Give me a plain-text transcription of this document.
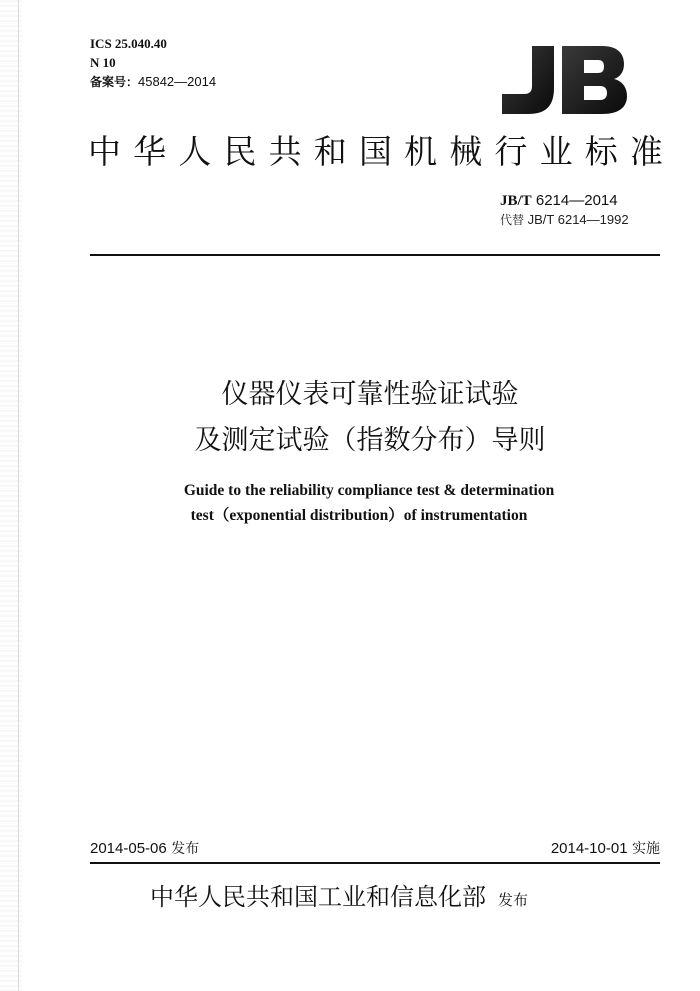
ICS 25.040.40
N 10
备案号：45842—2014
中 华 人 民 共 和 国 机 械 行 业 标 准
JB/T 6214—2014
代替 JB/T 6214—1992
仪器仪表可靠性验证试验
及测定试验（指数分布）导则
Guide to the reliability compliance test & determination
test（exponential distribution）of instrumentation
2014-05-06 发布	2014-10-01 实施
中华人民共和国工业和信息化部 发布
